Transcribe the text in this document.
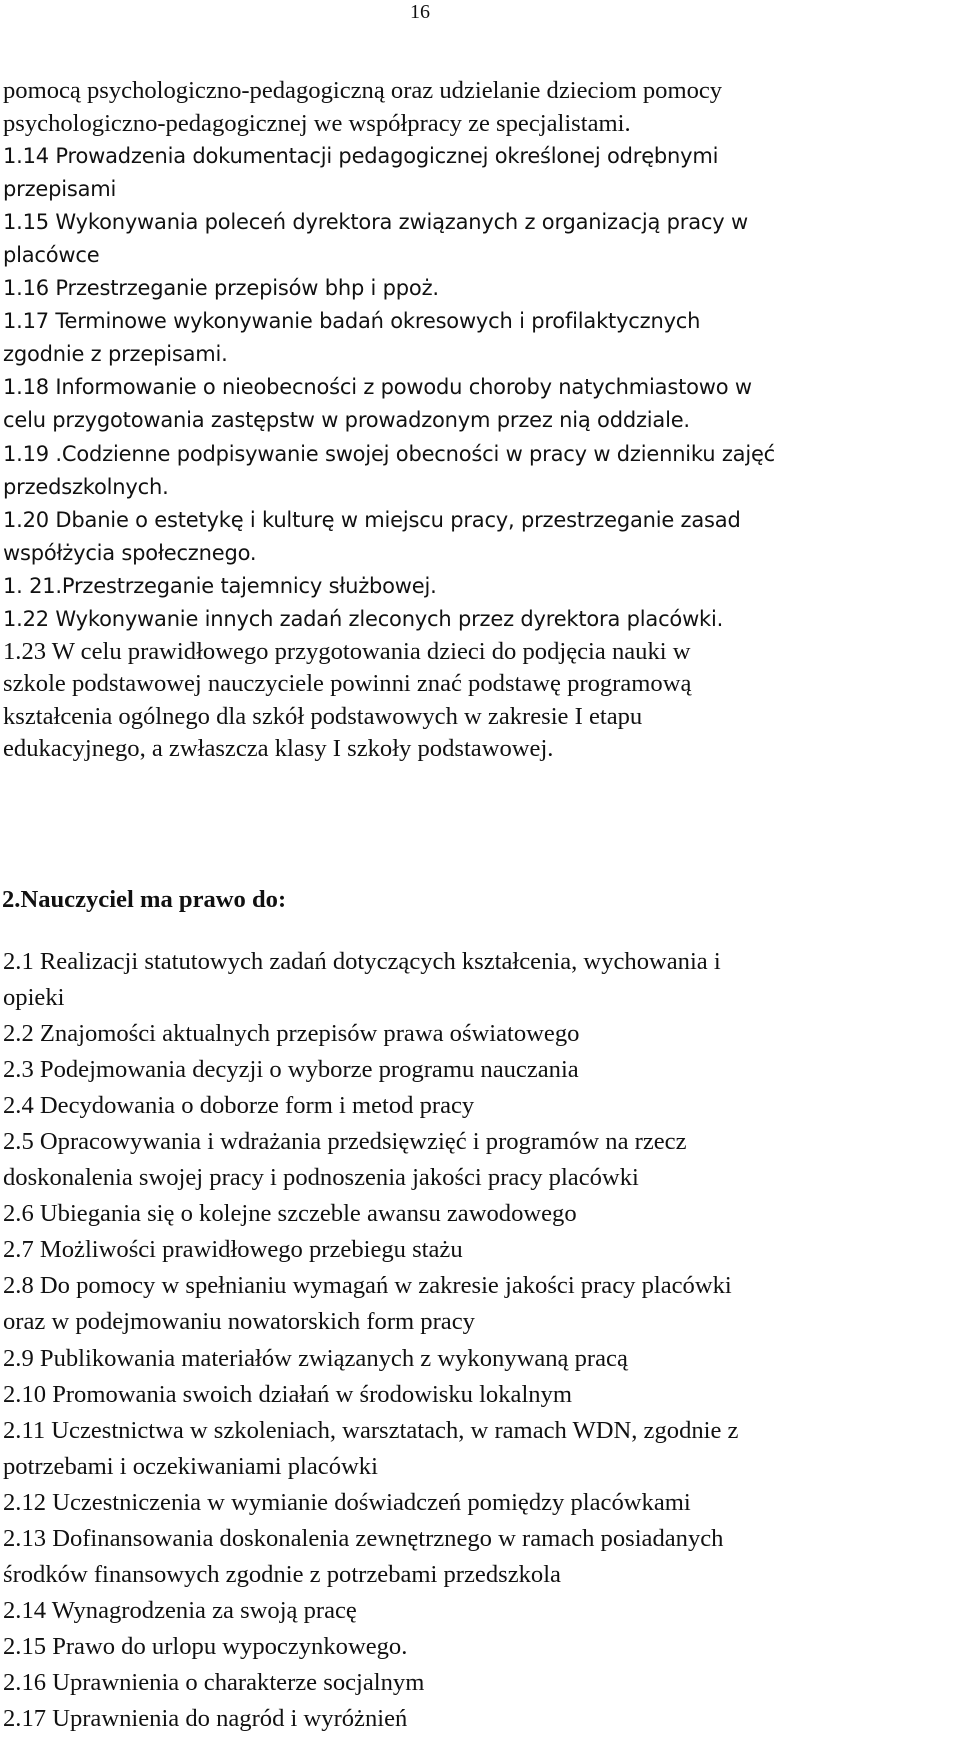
16

pomocą psychologiczno-pedagogiczną oraz udzielanie dzieciom pomocy

psychologiczno-pedagogicznej we współpracy ze specjalistami.

1.14 Prowadzenia dokumentacji pedagogicznej określonej odrębnymi

przepisami

1.15 Wykonywania poleceń dyrektora związanych z organizacją pracy w

placówce

1.16 Przestrzeganie przepisów bhp i ppoż.

1.17 Terminowe wykonywanie badań okresowych i profilaktycznych

zgodnie z przepisami.

1.18 Informowanie o nieobecności z powodu choroby natychmiastowo w

celu przygotowania zastępstw w prowadzonym przez nią oddziale.

1.19 .Codzienne podpisywanie swojej obecności w pracy w dzienniku zajęć

przedszkolnych.

1.20 Dbanie o estetykę i kulturę w miejscu pracy, przestrzeganie zasad

współżycia społecznego.

1. 21.Przestrzeganie tajemnicy służbowej.

1.22 Wykonywanie innych zadań zleconych przez dyrektora placówki.

1.23 W celu prawidłowego przygotowania dzieci do podjęcia nauki w

szkole podstawowej nauczyciele powinni znać podstawę programową

kształcenia ogólnego dla szkół podstawowych w zakresie I etapu

edukacyjnego, a zwłaszcza klasy I szkoły podstawowej.

2.Nauczyciel ma prawo do:

2.1 Realizacji statutowych zadań dotyczących kształcenia, wychowania i

opieki

2.2 Znajomości aktualnych przepisów prawa oświatowego

2.3 Podejmowania decyzji o wyborze programu nauczania

2.4 Decydowania o doborze form i metod pracy

2.5 Opracowywania i wdrażania przedsięwzięć i programów na rzecz

doskonalenia swojej pracy i podnoszenia jakości pracy placówki

2.6 Ubiegania się o kolejne szczeble awansu zawodowego

2.7 Możliwości prawidłowego przebiegu stażu

2.8 Do pomocy w spełnianiu wymagań w zakresie jakości pracy placówki

oraz w podejmowaniu nowatorskich form pracy

2.9 Publikowania materiałów związanych z wykonywaną pracą

2.10 Promowania swoich działań w środowisku lokalnym

2.11 Uczestnictwa w szkoleniach, warsztatach, w ramach WDN, zgodnie z

potrzebami i oczekiwaniami placówki

2.12 Uczestniczenia w wymianie doświadczeń pomiędzy placówkami

2.13 Dofinansowania doskonalenia zewnętrznego w ramach posiadanych

środków finansowych zgodnie z potrzebami przedszkola

2.14 Wynagrodzenia za swoją pracę

2.15 Prawo do urlopu wypoczynkowego.

2.16 Uprawnienia o charakterze socjalnym

2.17 Uprawnienia do nagród i wyróżnień
